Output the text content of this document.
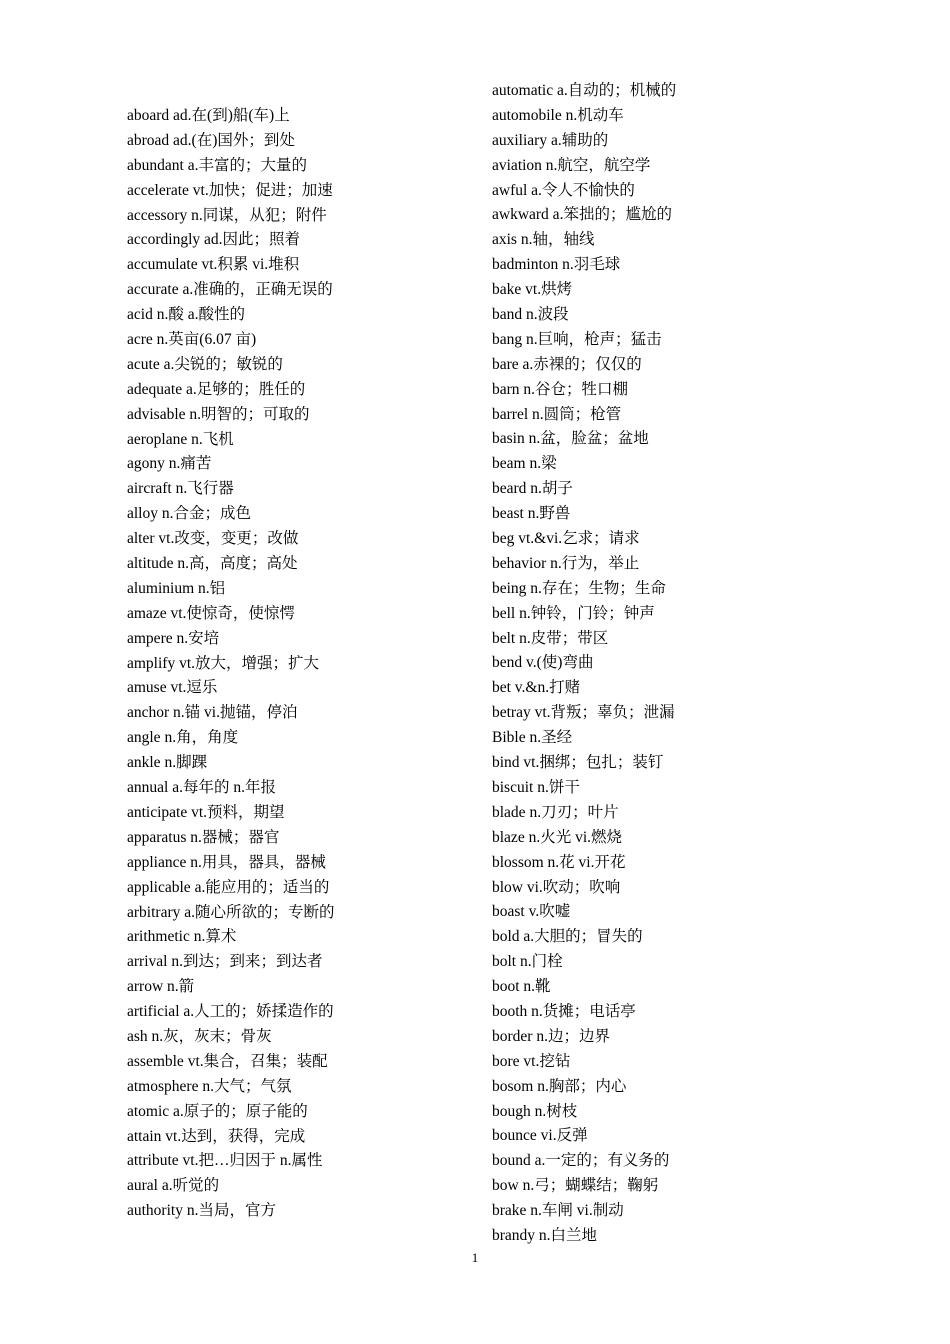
aboard ad.在(到)船(车)上
abroad ad.(在)国外；到处
abundant a.丰富的；大量的
accelerate vt.加快；促进；加速
accessory n.同谋，从犯；附件
accordingly ad.因此；照着
accumulate vt.积累 vi.堆积
accurate a.准确的，正确无误的
acid n.酸 a.酸性的
acre n.英亩(6.07 亩)
acute a.尖锐的；敏锐的
adequate a.足够的；胜任的
advisable n.明智的；可取的
aeroplane n.飞机
agony n.痛苦
aircraft n.飞行器
alloy n.合金；成色
alter vt.改变，变更；改做
altitude n.高，高度；高处
aluminium n.铝
amaze vt.使惊奇，使惊愕
ampere n.安培
amplify vt.放大，增强；扩大
amuse vt.逗乐
anchor n.锚 vi.抛锚，停泊
angle n.角，角度
ankle n.脚踝
annual a.每年的 n.年报
anticipate vt.预料，期望
apparatus n.器械；器官
appliance n.用具，器具，器械
applicable a.能应用的；适当的
arbitrary a.随心所欲的；专断的
arithmetic n.算术
arrival n.到达；到来；到达者
arrow n.箭
artificial a.人工的；娇揉造作的
ash n.灰，灰末；骨灰
assemble vt.集合，召集；装配
atmosphere n.大气；气氛
atomic a.原子的；原子能的
attain vt.达到，获得，完成
attribute vt.把…归因于 n.属性
aural a.听觉的
authority n.当局，官方
automatic a.自动的；机械的
automobile n.机动车
auxiliary a.辅助的
aviation n.航空，航空学
awful a.令人不愉快的
awkward a.笨拙的；尴尬的
axis n.轴，轴线
badminton n.羽毛球
bake vt.烘烤
band n.波段
bang n.巨响，枪声；猛击
bare a.赤裸的；仅仅的
barn n.谷仓；牲口棚
barrel n.圆筒；枪管
basin n.盆，脸盆；盆地
beam n.梁
beard n.胡子
beast n.野兽
beg vt.&vi.乞求；请求
behavior n.行为，举止
being n.存在；生物；生命
bell n.钟铃，门铃；钟声
belt n.皮带；带区
bend v.(使)弯曲
bet v.&n.打赌
betray vt.背叛；辜负；泄漏
Bible n.圣经
bind vt.捆绑；包扎；装钉
biscuit n.饼干
blade n.刀刃；叶片
blaze n.火光 vi.燃烧
blossom n.花 vi.开花
blow vi.吹动；吹响
boast v.吹嘘
bold a.大胆的；冒失的
bolt n.门栓
boot n.靴
booth n.货摊；电话亭
border n.边；边界
bore vt.挖钻
bosom n.胸部；内心
bough n.树枝
bounce vi.反弹
bound a.一定的；有义务的
bow n.弓；蝴蝶结；鞠躬
brake n.车闸 vi.制动
brandy n.白兰地
1
